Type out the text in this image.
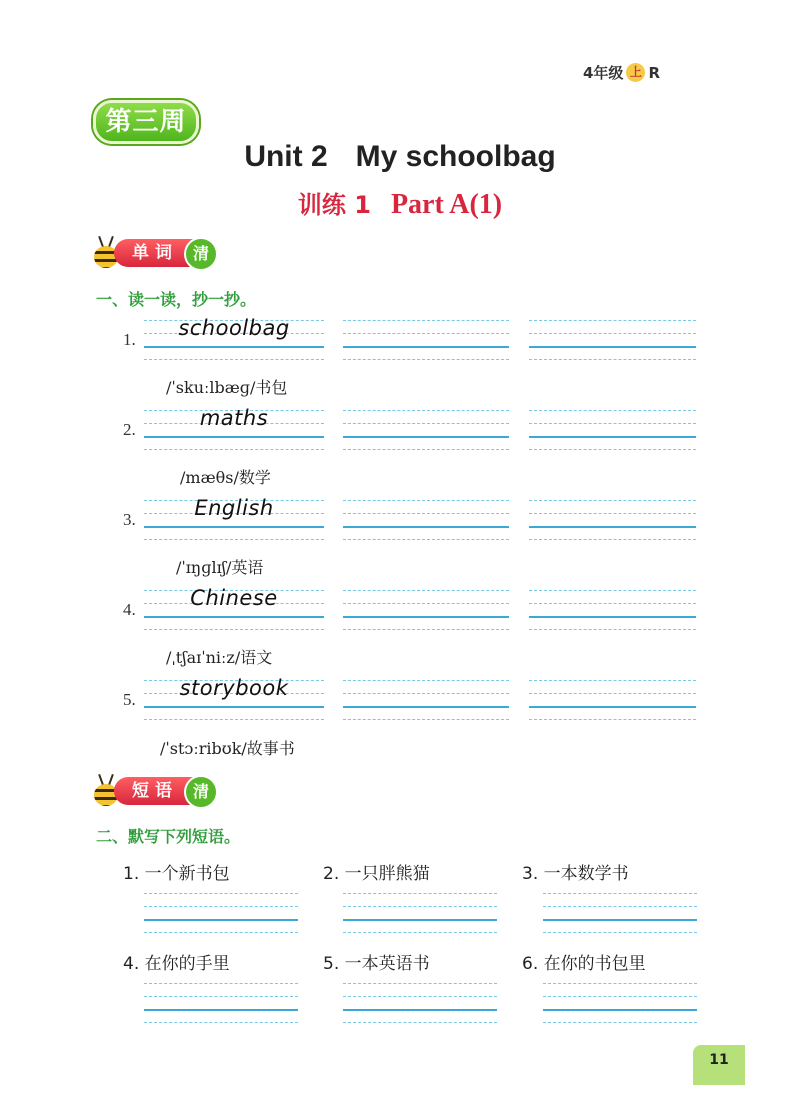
4年级 上 R
第三周
Unit 2 My schoolbag
训练 1 Part A(1)
单词 清
一、读一读，抄一抄。
1.	schoolbag
/ˈskuːlbæɡ/书包
2.	maths
/mæθs/数学
3.	English
/ˈɪŋɡlɪʃ/英语
4.	Chinese
/ˌtʃaɪˈniːz/语文
5.	storybook
/ˈstɔːribʊk/故事书
短语 清
二、默写下列短语。
1. 一个新书包	2. 一只胖熊猫	3. 一本数学书
4. 在你的手里	5. 一本英语书	6. 在你的书包里
11
